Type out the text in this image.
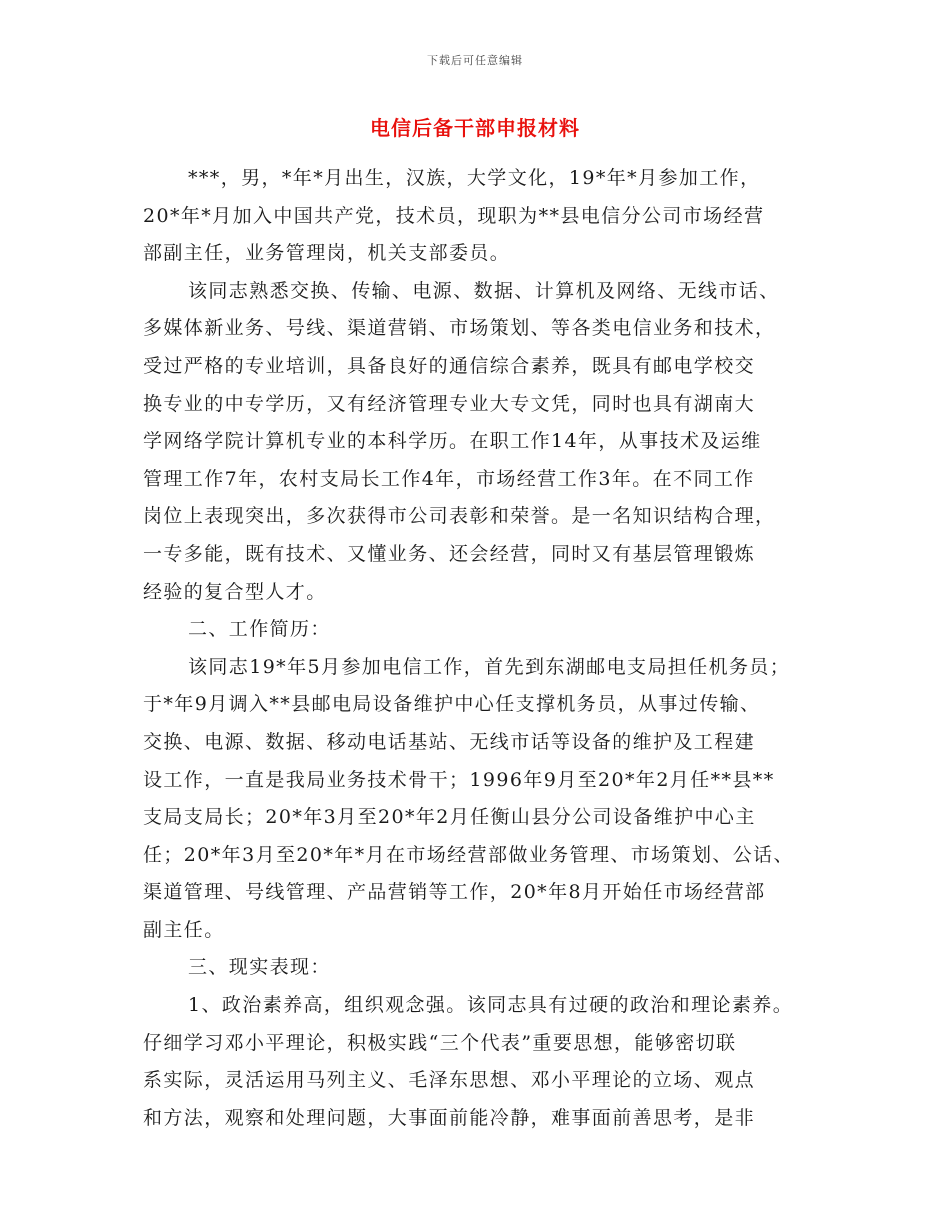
下载后可任意编辑
电信后备干部申报材料
***，男，*年*月出生，汉族，大学文化，19*年*月参加工作，
20*年*月加入中国共产党，技术员，现职为**县电信分公司市场经营
部副主任，业务管理岗，机关支部委员。
该同志熟悉交换、传输、电源、数据、计算机及网络、无线市话、
多媒体新业务、号线、渠道营销、市场策划、等各类电信业务和技术，
受过严格的专业培训，具备良好的通信综合素养，既具有邮电学校交
换专业的中专学历，又有经济管理专业大专文凭，同时也具有湖南大
学网络学院计算机专业的本科学历。在职工作14年，从事技术及运维
管理工作7年，农村支局长工作4年，市场经营工作3年。在不同工作
岗位上表现突出，多次获得市公司表彰和荣誉。是一名知识结构合理，
一专多能，既有技术、又懂业务、还会经营，同时又有基层管理锻炼
经验的复合型人才。
二、工作简历：
该同志19*年5月参加电信工作，首先到东湖邮电支局担任机务员；
于*年9月调入**县邮电局设备维护中心任支撑机务员，从事过传输、
交换、电源、数据、移动电话基站、无线市话等设备的维护及工程建
设工作，一直是我局业务技术骨干；1996年9月至20*年2月任**县**
支局支局长；20*年3月至20*年2月任衡山县分公司设备维护中心主
任；20*年3月至20*年*月在市场经营部做业务管理、市场策划、公话、
渠道管理、号线管理、产品营销等工作，20*年8月开始任市场经营部
副主任。
三、现实表现：
1、政治素养高，组织观念强。该同志具有过硬的政治和理论素养。
仔细学习邓小平理论，积极实践“三个代表”重要思想，能够密切联
系实际，灵活运用马列主义、毛泽东思想、邓小平理论的立场、观点
和方法，观察和处理问题，大事面前能冷静，难事面前善思考，是非
